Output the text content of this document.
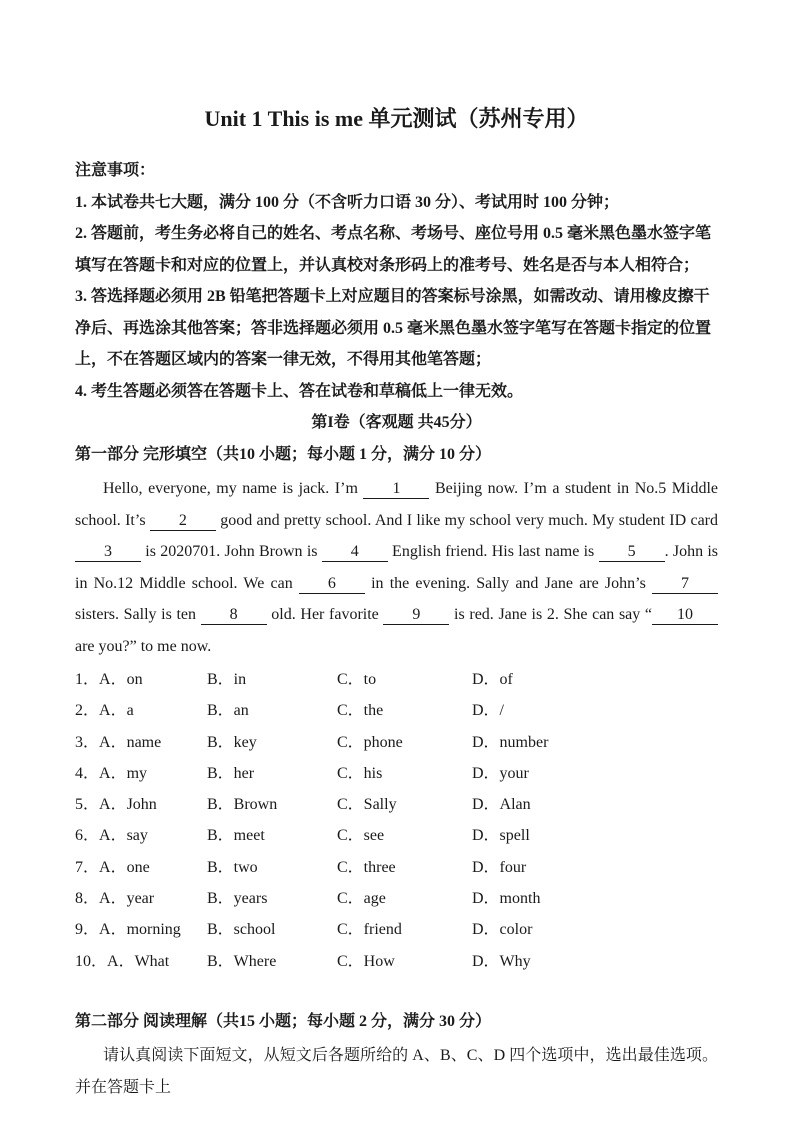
Unit 1 This is me 单元测试（苏州专用）

注意事项：

1. 本试卷共七大题，满分 100 分（不含听力口语 30 分）、考试用时 100 分钟；

2. 答题前，考生务必将自己的姓名、考点名称、考场号、座位号用 0.5 毫米黑色墨水签字笔填写在答题卡和对应的位置上，并认真校对条形码上的准考号、姓名是否与本人相符合；

3. 答选择题必须用 2B 铅笔把答题卡上对应题目的答案标号涂黑，如需改动、请用橡皮擦干净后、再选涂其他答案；答非选择题必须用 0.5 毫米黑色墨水签字笔写在答题卡指定的位置上，不在答题区域内的答案一律无效，不得用其他笔答题；

4. 考生答题必须答在答题卡上、答在试卷和草稿低上一律无效。

第I卷（客观题 共45分）

第一部分 完形填空（共10 小题；每小题 1 分，满分 10 分）

Hello, everyone, my name is jack. I’m 1 Beijing now. I’m a student in No.5 Middle school. It’s 2 good and pretty school. And I like my school very much. My student ID card 3 is 2020701. John Brown is 4 English friend. His last name is 5 . John is in No.12 Middle school. We can 6 in the evening. Sally and Jane are John’s 7 sisters. Sally is ten 8 old. Her favorite 9 is red. Jane is 2. She can say “ 10 are you?” to me now.

1．A．on	B．in	C．to	D．of
2．A．a	B．an	C．the	D．/
3．A．name	B．key	C．phone	D．number
4．A．my	B．her	C．his	D．your
5．A．John	B．Brown	C．Sally	D．Alan
6．A．say	B．meet	C．see	D．spell
7．A．one	B．two	C．three	D．four
8．A．year	B．years	C．age	D．month
9．A．morning	B．school	C．friend	D．color
10．A．What	B．Where	C．How	D．Why

第二部分 阅读理解（共15 小题；每小题 2 分，满分 30 分）

请认真阅读下面短文，从短文后各题所给的 A、B、C、D 四个选项中，选出最佳选项。并在答题卡上
